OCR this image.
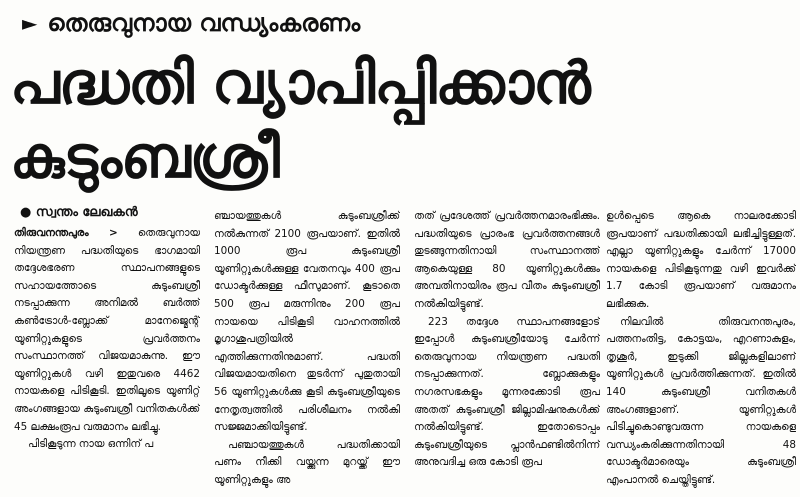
► തെരുവുനായ വന്ധ്യംകരണം
പദ്ധതി വ്യാപിപ്പിക്കാൻ
കുടുംബശ്രീ
● സ്വന്തം ലേഖകൻ

തിരുവനന്തപുരം > തെരുവുനായ നിയന്ത്രണ പദ്ധതിയുടെ ഭാഗമായി തദ്ദേശഭരണ സ്ഥാപനങ്ങളുടെ സഹായത്തോടെ കുടുംബശ്രീ നടപ്പാക്കുന്ന അനിമൽ ബർത്ത് കൺട്രോൾ-ബ്ലോക്ക് മാനേജ്മെന്റ് യൂണിറ്റുകളുടെ പ്രവർത്തനം സംസ്ഥാനത്ത് വിജയമാകുന്നു. ഈ യൂണിറ്റുകൾ വഴി ഇതുവരെ 4462 നായകളെ പിടികൂടി. ഇതിലൂടെ യൂണിറ്റ് അംഗങ്ങളായ കുടുംബശ്രീ വനിതകൾക്ക് 45 ലക്ഷംരൂപ വരുമാനം ലഭിച്ചു.

പിടികൂടുന്ന നായ ഒന്നിന് പ

ഞ്ചായത്തുകൾ കുടുംബശ്രീക്ക് നൽകുന്നത് 2100 രൂപയാണ്. ഇതിൽ 1000 രൂപ കുടുംബശ്രീ യൂണിറ്റുകൾക്കുള്ള വേതനവും 400 രൂപ ഡോക്ടർക്കുള്ള ഫീസുമാണ്. കൂടാതെ 500 രൂപ മരുന്നിനും 200 രൂപ നായയെ പിടികൂടി വാഹനത്തിൽ മൃഗാശുപത്രിയിൽ എത്തിക്കുന്നതിനുമാണ്. പദ്ധതി വിജയമായതിനെ തുടർന്ന് പുതുതായി 56 യൂണിറ്റുകൾക്കു കൂടി കുടുംബശ്രീയുടെ നേതൃത്വത്തിൽ പരിശീലനം നൽകി സജ്ജമാക്കിയിട്ടുണ്ട്.

പഞ്ചായത്തുകൾ പദ്ധതിക്കായി പണം നീക്കി വയ്ക്കുന്ന മുറയ്ക്ക് ഈ യൂണിറ്റുകളും അ

തത് പ്രദേശത്ത് പ്രവർത്തനമാരംഭിക്കും. പദ്ധതിയുടെ പ്രാരംഭ പ്രവർത്തനങ്ങൾ തുടങ്ങുന്നതിനായി സംസ്ഥാനത്ത് ആകെയുള്ള 80 യൂണിറ്റുകൾക്കും അമ്പതിനായിരം രൂപ വീതം കുടുംബശ്രീ നൽകിയിട്ടുണ്ട്.

223 തദ്ദേശ സ്ഥാപനങ്ങളോട് ഇപ്പോൾ കുടുംബശ്രീയോടു ചേർന്ന് തെരുവുനായ നിയന്ത്രണ പദ്ധതി നടപ്പാക്കുന്നത്. ബ്ലോക്കുകളും നഗരസഭകളും മൂന്നരക്കോടി രൂപ അതത് കുടുംബശ്രീ ജില്ലാമിഷനുകൾക്ക് നൽകിയിട്ടുണ്ട്. ഇതോടൊപ്പം കുടുംബശ്രീയുടെ പ്ലാൻഫണ്ടിൽനിന്ന് അനുവദിച്ച ഒരു കോടി രൂപ

ഉൾപ്പെടെ ആകെ നാലരക്കോടി രൂപയാണ് പദ്ധതിക്കായി ലഭിച്ചിട്ടുള്ളത്. എല്ലാ യൂണിറ്റുകളും ചേർന്ന് 17000 നായകളെ പിടികൂടുന്നതു വഴി ഇവർക്ക് 1.7 കോടി രൂപയാണ് വരുമാനം ലഭിക്കുക.

നിലവിൽ തിരുവനന്തപുരം, പത്തനംതിട്ട, കോട്ടയം, എറണാകുളം, തൃശൂർ, ഇടുക്കി ജില്ലകളിലാണ് യൂണിറ്റുകൾ പ്രവർത്തിക്കുന്നത്. ഇതിൽ 140 കുടുംബശ്രീ വനിതകൾ അംഗങ്ങളാണ്. യൂണിറ്റുകൾ പിടിച്ചുകൊണ്ടുവരുന്ന നായകളെ വന്ധ്യംകരിക്കുന്നതിനായി 48 ഡോക്ടർമാരെയും കുടുംബശ്രീ എംപാനൽ ചെയ്തിട്ടുണ്ട്.
